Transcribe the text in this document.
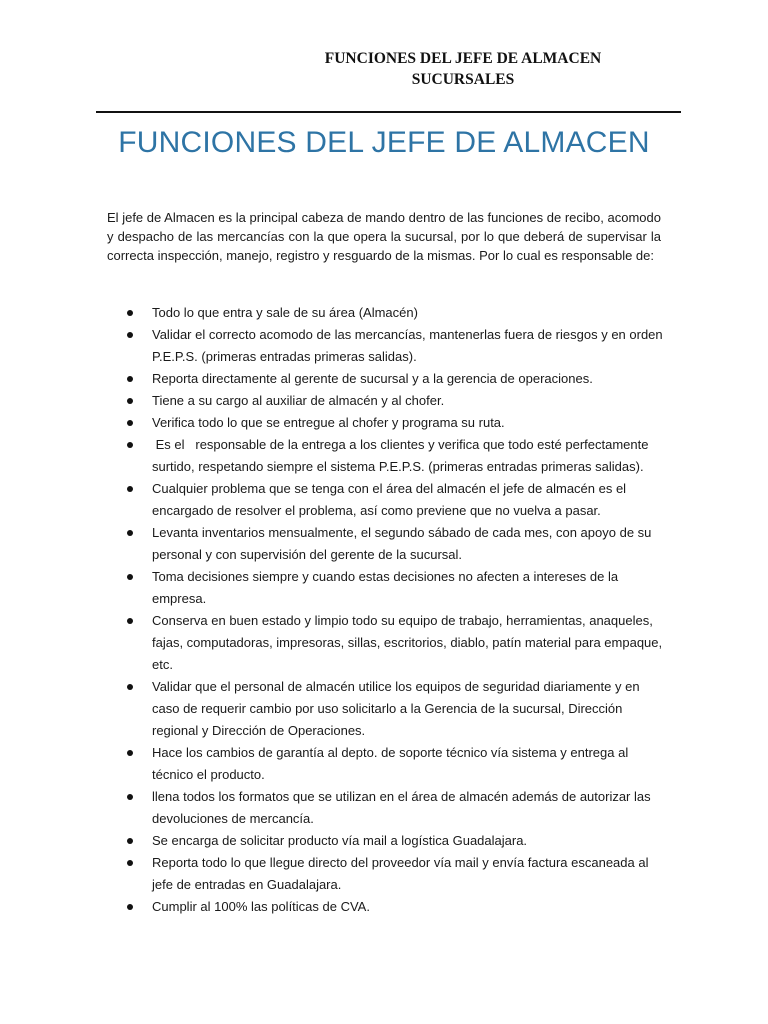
FUNCIONES DEL JEFE DE ALMACEN
SUCURSALES
FUNCIONES DEL JEFE DE ALMACEN

El jefe de Almacen es la principal cabeza de mando dentro de las funciones de recibo, acomodo y despacho de las mercancías con la que opera la sucursal, por lo que deberá de supervisar la correcta inspección, manejo, registro y resguardo de la mismas. Por lo cual es responsable de:

Todo lo que entra y sale de su área (Almacén)
Validar el correcto acomodo de las mercancías, mantenerlas fuera de riesgos y en orden P.E.P.S. (primeras entradas primeras salidas).
Reporta directamente al gerente de sucursal y a la gerencia de operaciones.
Tiene a su cargo al auxiliar de almacén y al chofer.
Verifica todo lo que se entregue al chofer y programa su ruta.
Es el   responsable de la entrega a los clientes y verifica que todo esté perfectamente surtido, respetando siempre el sistema P.E.P.S. (primeras entradas primeras salidas).
Cualquier problema que se tenga con el área del almacén el jefe de almacén es el encargado de resolver el problema, así como previene que no vuelva a pasar.
Levanta inventarios mensualmente, el segundo sábado de cada mes, con apoyo de su personal y con supervisión del gerente de la sucursal.
Toma decisiones siempre y cuando estas decisiones no afecten a intereses de la empresa.
Conserva en buen estado y limpio todo su equipo de trabajo, herramientas, anaqueles, fajas, computadoras, impresoras, sillas, escritorios, diablo, patín material para empaque, etc.
Validar que el personal de almacén utilice los equipos de seguridad diariamente y en caso de requerir cambio por uso solicitarlo a la Gerencia de la sucursal, Dirección regional y Dirección de Operaciones.
Hace los cambios de garantía al depto. de soporte técnico vía sistema y entrega al técnico el producto.
llena todos los formatos que se utilizan en el área de almacén además de autorizar las devoluciones de mercancía.
Se encarga de solicitar producto vía mail a logística Guadalajara.
Reporta todo lo que llegue directo del proveedor vía mail y envía factura escaneada al jefe de entradas en Guadalajara.
Cumplir al 100% las políticas de CVA.
